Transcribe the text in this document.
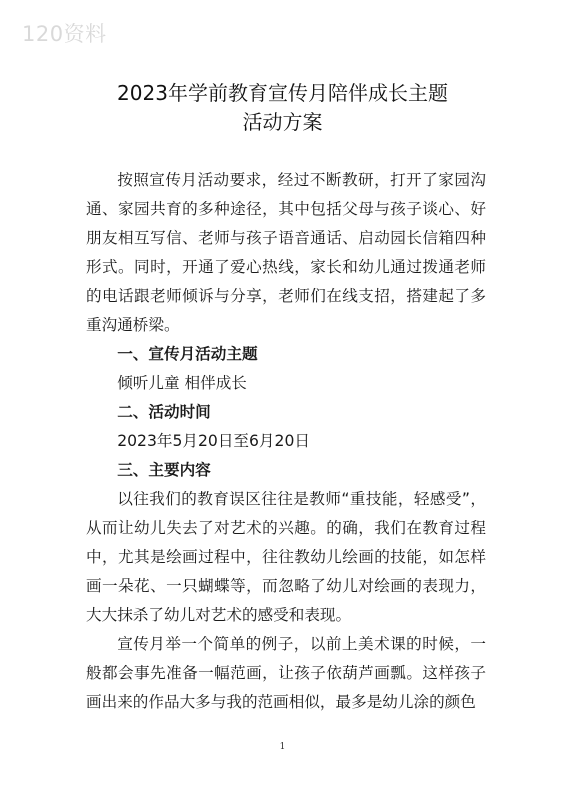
120资料
2023年学前教育宣传月陪伴成长主题
活动方案

按照宣传月活动要求，经过不断教研，打开了家园沟通、家园共育的多种途径，其中包括父母与孩子谈心、好朋友相互写信、老师与孩子语音通话、启动园长信箱四种形式。同时，开通了爱心热线，家长和幼儿通过拨通老师的电话跟老师倾诉与分享，老师们在线支招，搭建起了多重沟通桥梁。

一、宣传月活动主题

倾听儿童 相伴成长

二、活动时间

2023年5月20日至6月20日

三、主要内容

以往我们的教育误区往往是教师“重技能，轻感受”，从而让幼儿失去了对艺术的兴趣。的确，我们在教育过程中，尤其是绘画过程中，往往教幼儿绘画的技能，如怎样画一朵花、一只蝴蝶等，而忽略了幼儿对绘画的表现力，大大抹杀了幼儿对艺术的感受和表现。

宣传月举一个简单的例子，以前上美术课的时候，一般都会事先准备一幅范画，让孩子依葫芦画瓢。这样孩子画出来的作品大多与我的范画相似，最多是幼儿涂的颜色

1
